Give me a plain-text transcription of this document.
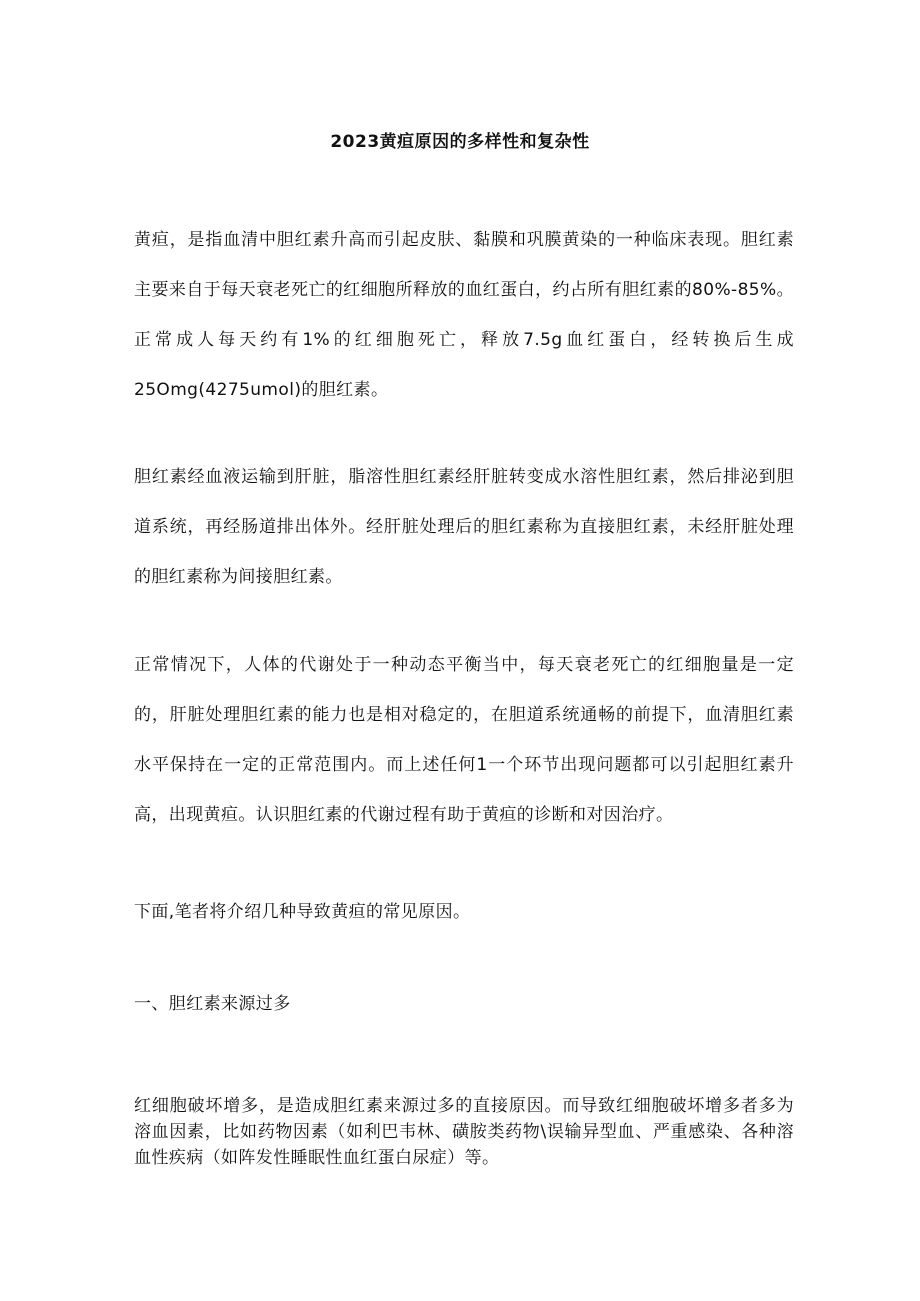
2023黄疸原因的多样性和复杂性

黄疸，是指血清中胆红素升高而引起皮肤、黏膜和巩膜黄染的一种临床表现。胆红素主要来自于每天衰老死亡的红细胞所释放的血红蛋白，约占所有胆红素的80%-85%。正常成人每天约有1%的红细胞死亡，释放7.5g血红蛋白，经转换后生成25Omg(4275umol)的胆红素。

胆红素经血液运输到肝脏，脂溶性胆红素经肝脏转变成水溶性胆红素，然后排泌到胆道系统，再经肠道排出体外。经肝脏处理后的胆红素称为直接胆红素，未经肝脏处理的胆红素称为间接胆红素。

正常情况下，人体的代谢处于一种动态平衡当中，每天衰老死亡的红细胞量是一定的，肝脏处理胆红素的能力也是相对稳定的，在胆道系统通畅的前提下，血清胆红素水平保持在一定的正常范围内。而上述任何1一个环节出现问题都可以引起胆红素升高，出现黄疸。认识胆红素的代谢过程有助于黄疸的诊断和对因治疗。

下面,笔者将介绍几种导致黄疸的常见原因。

一、胆红素来源过多

红细胞破坏增多，是造成胆红素来源过多的直接原因。而导致红细胞破坏增多者多为溶血因素，比如药物因素（如利巴韦林、磺胺类药物\误输异型血、严重感染、各种溶血性疾病（如阵发性睡眠性血红蛋白尿症）等。
